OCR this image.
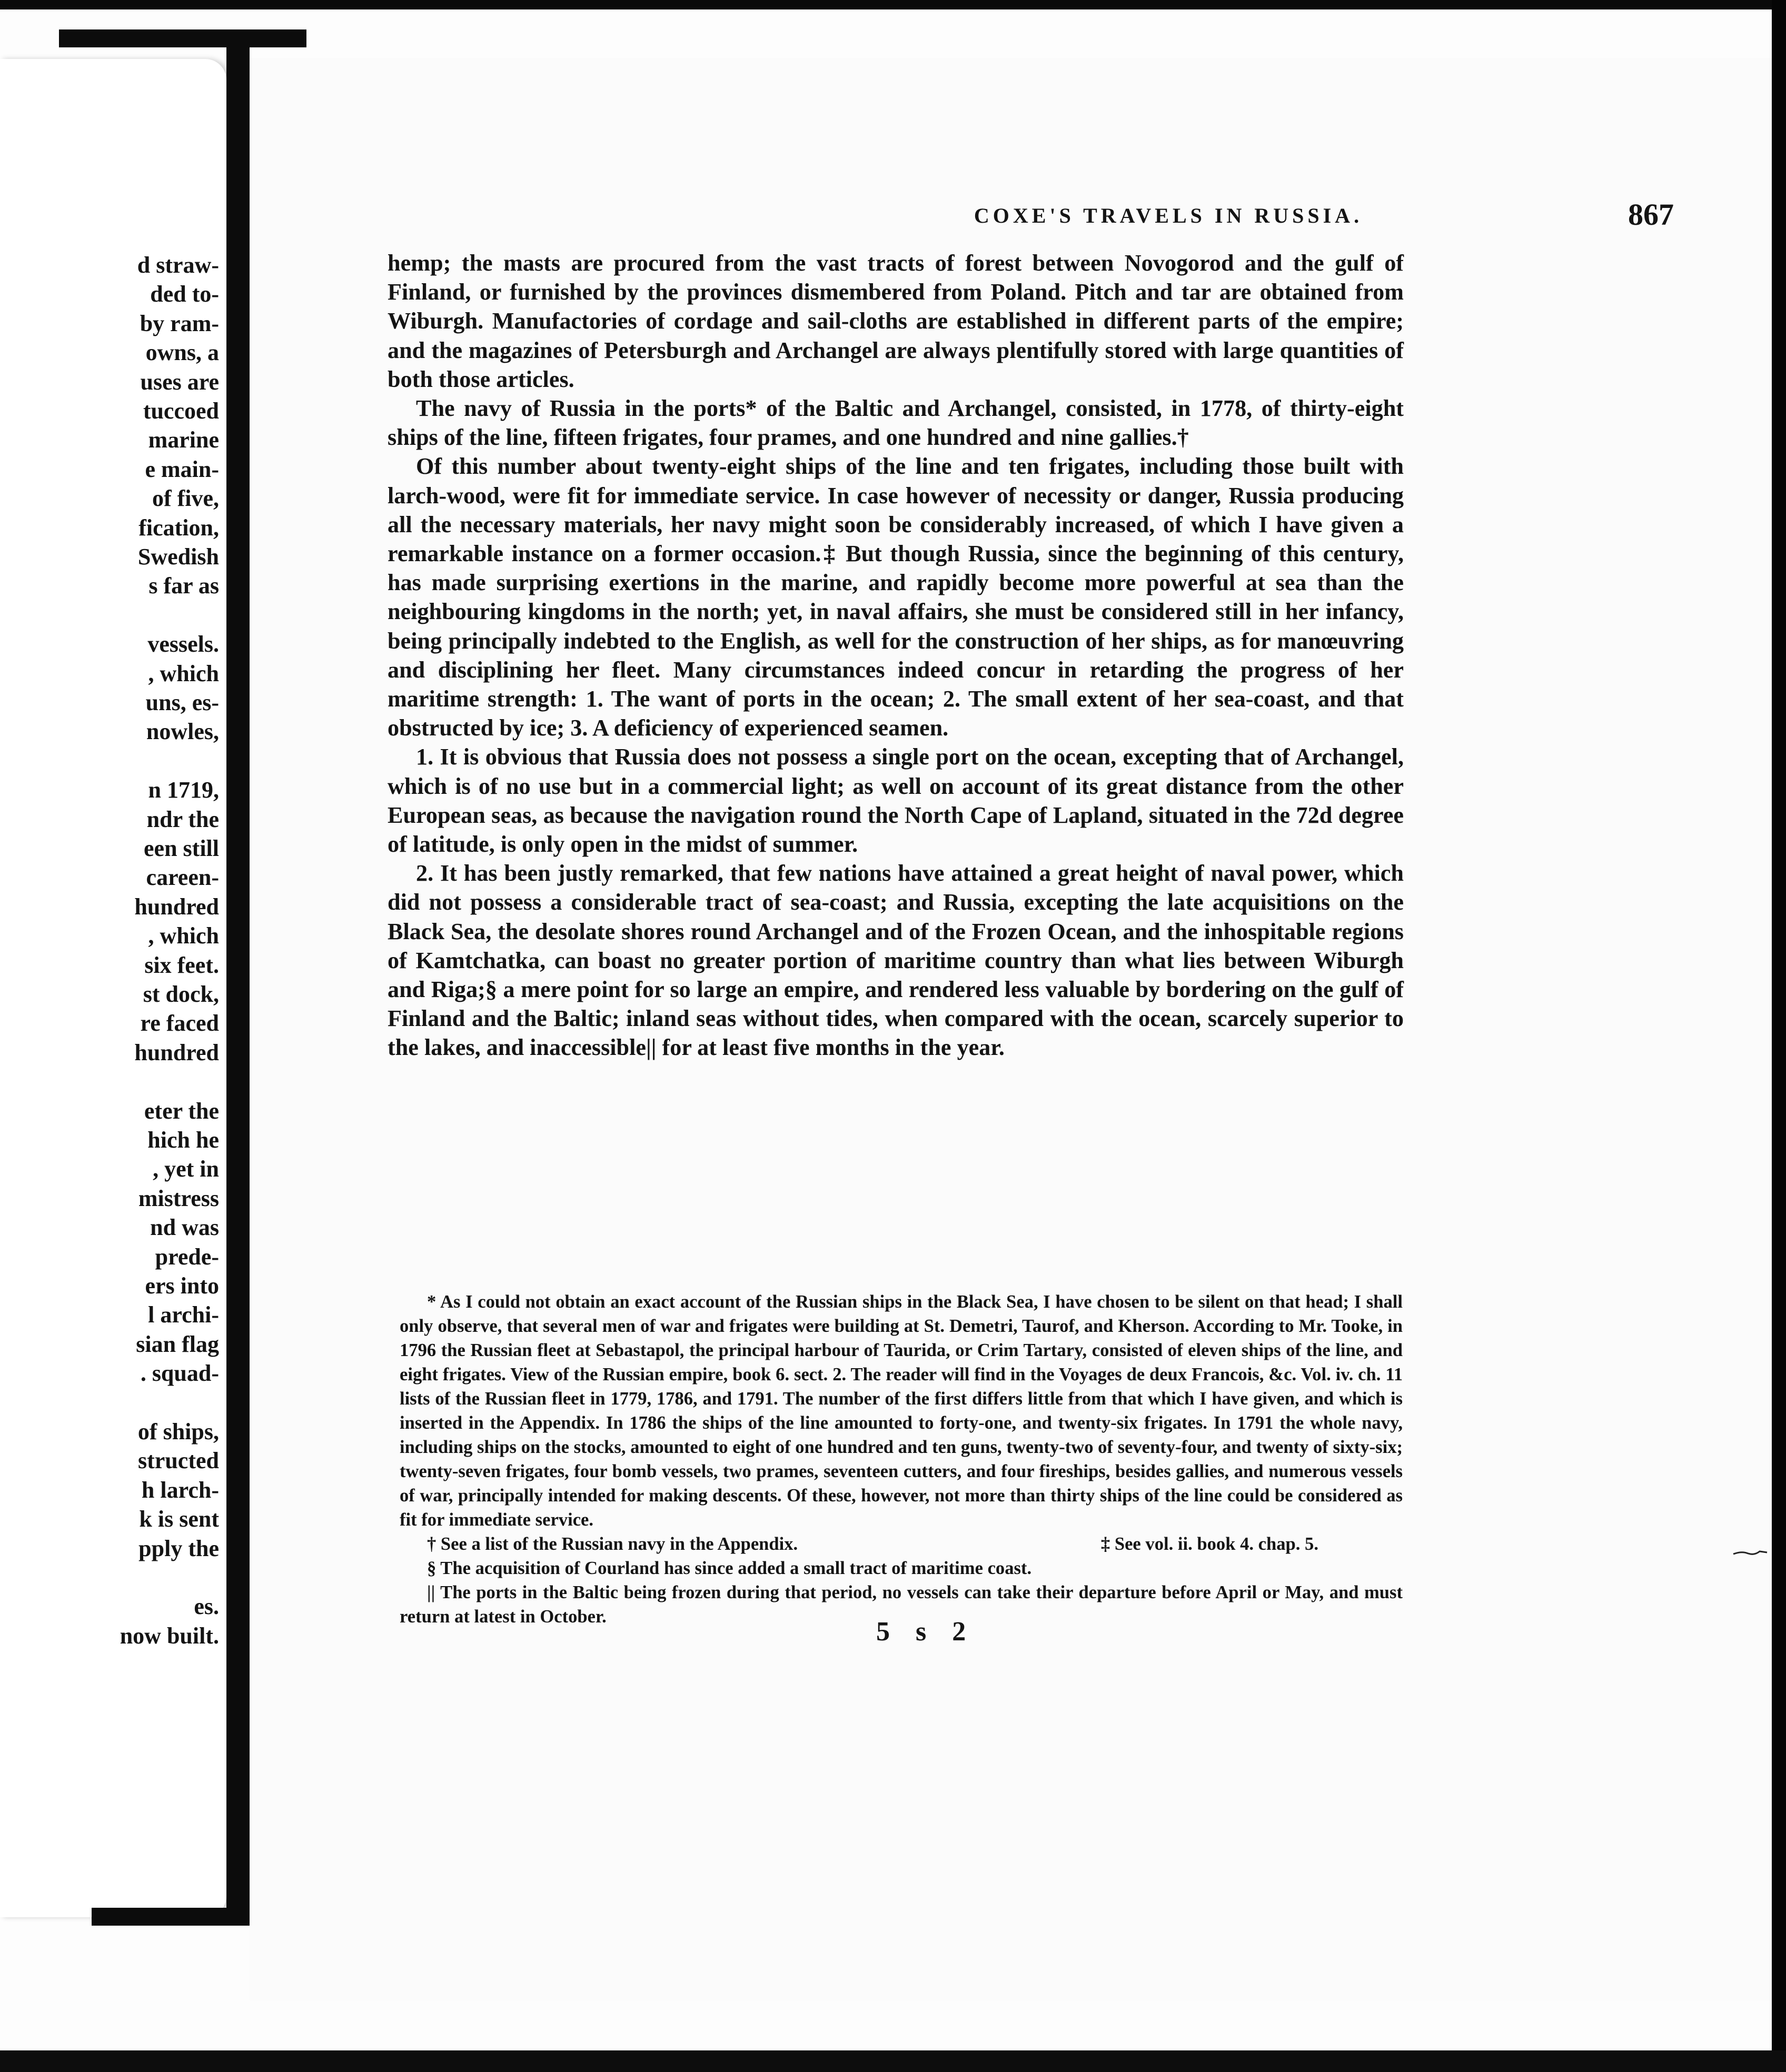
d straw-

ded to-

by ram-

owns, a

uses are

tuccoed

marine

e main-

of five,

fication,

Swedish

s far as

vessels.

, which

uns, es-

nowles,

n 1719,

ndr the

een still

careen-

hundred

, which

six feet.

st dock,

re faced

hundred

eter the

hich he

, yet in

mistress

nd was

prede-

ers into

l archi-

sian flag

. squad-

of ships,

structed

h larch-

k is sent

pply the

es.

now built.

COXE'S TRAVELS IN RUSSIA.	867

hemp; the masts are procured from the vast tracts of forest between Novogorod and the gulf of Finland, or furnished by the provinces dismembered from Poland. Pitch and tar are obtained from Wiburgh. Manufactories of cordage and sail-cloths are established in different parts of the empire; and the magazines of Petersburgh and Archangel are always plentifully stored with large quantities of both those articles.

The navy of Russia in the ports* of the Baltic and Archangel, consisted, in 1778, of thirty-eight ships of the line, fifteen frigates, four prames, and one hundred and nine gallies.†

Of this number about twenty-eight ships of the line and ten frigates, including those built with larch-wood, were fit for immediate service. In case however of necessity or danger, Russia producing all the necessary materials, her navy might soon be considerably increased, of which I have given a remarkable instance on a former occasion.‡ But though Russia, since the beginning of this century, has made surprising exertions in the marine, and rapidly become more powerful at sea than the neighbouring kingdoms in the north; yet, in naval affairs, she must be considered still in her infancy, being principally indebted to the English, as well for the construction of her ships, as for manœuvring and disciplining her fleet. Many circumstances indeed concur in retarding the progress of her maritime strength: 1. The want of ports in the ocean; 2. The small extent of her sea-coast, and that obstructed by ice; 3. A deficiency of experienced seamen.

1. It is obvious that Russia does not possess a single port on the ocean, excepting that of Archangel, which is of no use but in a commercial light; as well on account of its great distance from the other European seas, as because the navigation round the North Cape of Lapland, situated in the 72d degree of latitude, is only open in the midst of summer.

2. It has been justly remarked, that few nations have attained a great height of naval power, which did not possess a considerable tract of sea-coast; and Russia, excepting the late acquisitions on the Black Sea, the desolate shores round Archangel and of the Frozen Ocean, and the inhospitable regions of Kamtchatka, can boast no greater portion of maritime country than what lies between Wiburgh and Riga;§ a mere point for so large an empire, and rendered less valuable by bordering on the gulf of Finland and the Baltic; inland seas without tides, when compared with the ocean, scarcely superior to the lakes, and inaccessible|| for at least five months in the year.

* As I could not obtain an exact account of the Russian ships in the Black Sea, I have chosen to be silent on that head; I shall only observe, that several men of war and frigates were building at St. Demetri, Taurof, and Kherson. According to Mr. Tooke, in 1796 the Russian fleet at Sebastapol, the principal harbour of Taurida, or Crim Tartary, consisted of eleven ships of the line, and eight frigates. View of the Russian empire, book 6. sect. 2. The reader will find in the Voyages de deux Francois, &c. Vol. iv. ch. 11 lists of the Russian fleet in 1779, 1786, and 1791. The number of the first differs little from that which I have given, and which is inserted in the Appendix. In 1786 the ships of the line amounted to forty-one, and twenty-six frigates. In 1791 the whole navy, including ships on the stocks, amounted to eight of one hundred and ten guns, twenty-two of seventy-four, and twenty of sixty-six; twenty-seven frigates, four bomb vessels, two prames, seventeen cutters, and four fireships, besides gallies, and numerous vessels of war, principally intended for making descents. Of these, however, not more than thirty ships of the line could be considered as fit for immediate service.

† See a list of the Russian navy in the Appendix.	‡ See vol. ii. book 4. chap. 5.

§ The acquisition of Courland has since added a small tract of maritime coast.

|| The ports in the Baltic being frozen during that period, no vessels can take their departure before April or May, and must return at latest in October.	5 s 2
